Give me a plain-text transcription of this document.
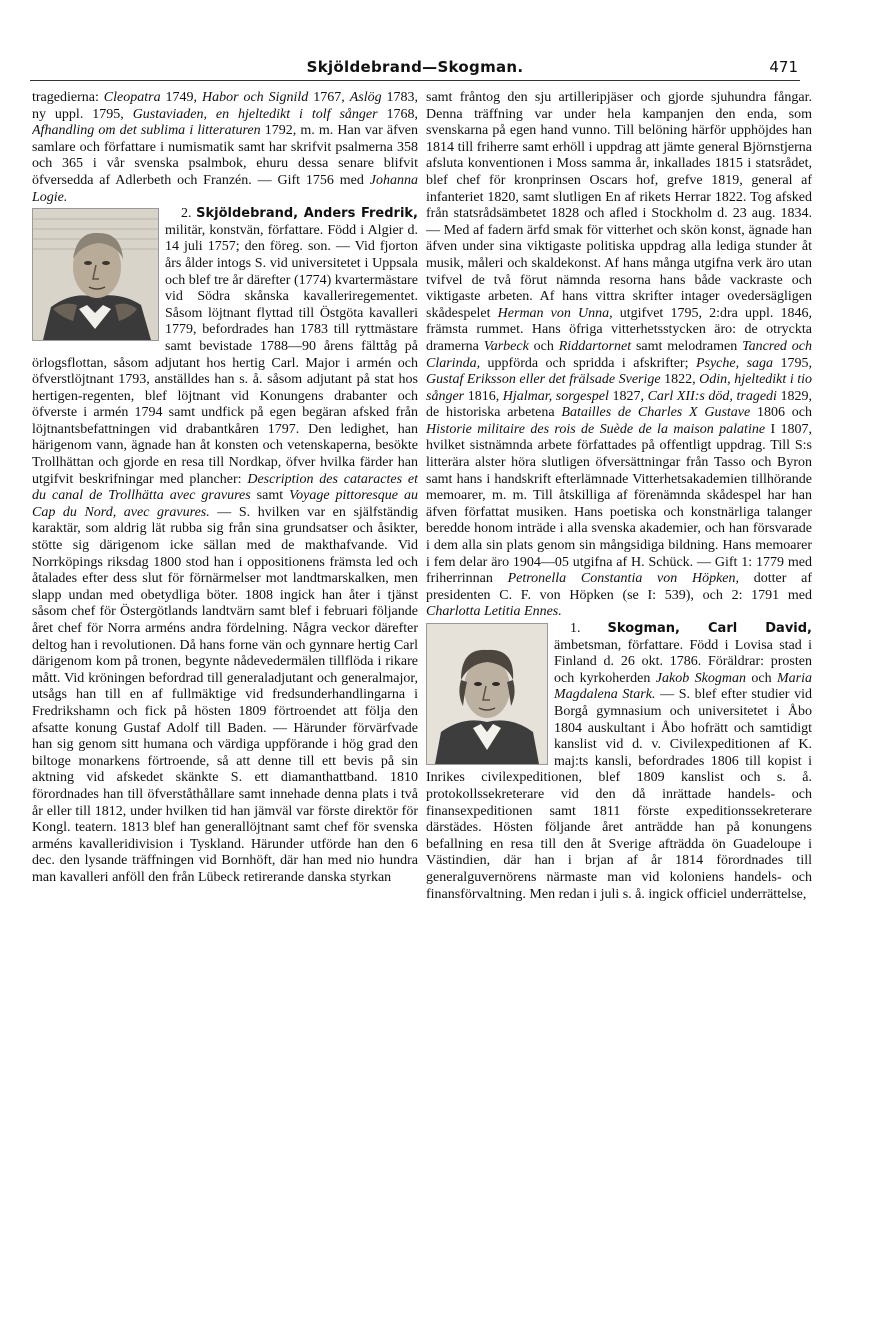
Skjöldebrand—Skogman.	471

tragedierna: Cleopatra 1749, Habor och Signild 1767, Aslög 1783, ny uppl. 1795, Gustaviaden, en hjeltedikt i tolf sånger 1768, Afhandling om det sublima i litteraturen 1792, m. m. Han var äfven samlare och författare i numismatik samt har skrifvit psalmerna 358 och 365 i vår svenska psalmbok, ehuru dessa senare blifvit öfversedda af Adlerbeth och Franzén. — Gift 1756 med Johanna Logie.

2. Skjöldebrand, Anders Fredrik,
militär, konstvän, författare. Född i Algier d. 14 juli 1757; den föreg. son. — Vid fjorton års ålder intogs S. vid universitetet i Uppsala och blef tre år därefter (1774) kvartermästare vid Södra skånska kavalleriregementet. Såsom löjtnant flyttad till Östgöta kavalleri 1779, befordrades han 1783 till ryttmästare samt bevistade 1788—90 årens fälttåg på örlogsflottan, såsom adjutant hos hertig Carl. Major i armén och öfverstlöjtnant 1793, anställdes han s. å. såsom adjutant på stat hos hertigen-regenten, blef löjtnant vid Konungens drabanter och öfverste i armén 1794 samt undfick på egen begäran afsked från löjtnantsbefattningen vid drabantkåren 1797. Den ledighet, han härigenom vann, ägnade han åt konsten och vetenskaperna, besökte Trollhättan och gjorde en resa till Nordkap, öfver hvilka färder han utgifvit beskrifningar med plancher: Description des cataractes et du canal de Trollhätta avec gravures samt Voyage pittoresque au Cap du Nord, avec gravures. — S. hvilken var en själfständig karaktär, som aldrig lät rubba sig från sina grundsatser och åsikter, stötte sig därigenom icke sällan med de makthafvande. Vid Norrköpings riksdag 1800 stod han i oppositionens främsta led och åtalades efter dess slut för förnärmelser mot landtmarskalken, men slapp undan med obetydliga böter. 1808 ingick han åter i tjänst såsom chef för Östergötlands landtvärn samt blef i februari följande året chef för Norra arméns andra fördelning. Några veckor därefter deltog han i revolutionen. Då hans forne vän och gynnare hertig Carl därigenom kom på tronen, begynte nådevedermälen tillflöda i rikare mått. Vid kröningen befordrad till generaladjutant och generalmajor, utsågs han till en af fullmäktige vid fredsunderhandlingarna i Fredrikshamn och fick på hösten 1809 förtroendet att följa den afsatte konung Gustaf Adolf till Baden. — Härunder förvärfvade han sig genom sitt humana och värdiga uppförande i hög grad den biltoge monarkens förtroende, så att denne till ett bevis på sin aktning vid afskedet skänkte S. ett diamanthattband. 1810 förordnades han till öfverståthållare samt innehade denna plats i två år eller till 1812, under hvilken tid han jämväl var förste direktör för Kongl. teatern. 1813 blef han generallöjtnant samt chef för svenska arméns kavalleridivision i Tyskland. Härunder utförde han den 6 dec. den lysande träffningen vid Bornhöft, där han med nio hundra man kavalleri anföll den från Lübeck retirerande danska styrkan

samt fråntog den sju artilleripjäser och gjorde sjuhundra fångar. Denna träffning var under hela kampanjen den enda, som svenskarna på egen hand vunno. Till belöning härför upphöjdes han 1814 till friherre samt erhöll i uppdrag att jämte general Björnstjerna afsluta konventionen i Moss samma år, inkallades 1815 i statsrådet, blef chef för kronprinsen Oscars hof, grefve 1819, general af infanteriet 1820, samt slutligen En af rikets Herrar 1822. Tog afsked från statsrådsämbetet 1828 och afled i Stockholm d. 23 aug. 1834. — Med af fadern ärfd smak för vitterhet och skön konst, ägnade han äfven under sina viktigaste politiska uppdrag alla lediga stunder åt musik, måleri och skaldekonst. Af hans många utgifna verk äro utan tvifvel de två förut nämnda resorna hans både vackraste och viktigaste arbeten. Af hans vittra skrifter intager ovedersägligen skådespelet Herman von Unna, utgifvet 1795, 2:dra uppl. 1846, främsta rummet. Hans öfriga vitterhetsstycken äro: de otryckta dramerna Varbeck och Riddartornet samt melodramen Tancred och Clarinda, uppförda och spridda i afskrifter; Psyche, saga 1795, Gustaf Eriksson eller det frälsade Sverige 1822, Odin, hjeltedikt i tio sånger 1816, Hjalmar, sorgespel 1827, Carl XII:s död, tragedi 1829, de historiska arbetena Batailles de Charles X Gustave 1806 och Historie militaire des rois de Suède de la maison palatine I 1807, hvilket sistnämnda arbete författades på offentligt uppdrag. Till S:s litterära alster höra slutligen öfversättningar från Tasso och Byron samt hans i handskrift efterlämnade Vitterhetsakademien tillhörande memoarer, m. m. Till åtskilliga af förenämnda skådespel har han äfven författat musiken. Hans poetiska och konstnärliga talanger beredde honom inträde i alla svenska akademier, och han försvarade i dem alla sin plats genom sin mångsidiga bildning. Hans memoarer i fem delar äro 1904—05 utgifna af H. Schück. — Gift 1: 1779 med friherrinnan Petronella Constantia von Höpken, dotter af presidenten C. F. von Höpken (se I: 539), och 2: 1791 med Charlotta Letitia Ennes.

1. Skogman, Carl David,
ämbetsman, författare. Född i Lovisa stad i Finland d. 26 okt. 1786. Föräldrar: prosten och kyrkoherden Jakob Skogman och Maria Magdalena Stark. — S. blef efter studier vid Borgå gymnasium och universitetet i Åbo 1804 auskultant i Åbo hofrätt och samtidigt kanslist vid d. v. Civilexpeditionen af K. maj:ts kansli, befordrades 1806 till kopist i Inrikes civilexpeditionen, blef 1809 kanslist och s. å. protokollssekreterare vid den då inrättade handels- och finansexpeditionen samt 1811 förste expeditionssekreterare därstädes. Hösten följande året anträdde han på konungens befallning en resa till den åt Sverige afträdda ön Guadeloupe i Västindien, där han i brjan af år 1814 förordnades till generalguvernörens närmaste man vid koloniens handels- och finansförvaltning. Men redan i juli s. å. ingick officiel underrättelse,
